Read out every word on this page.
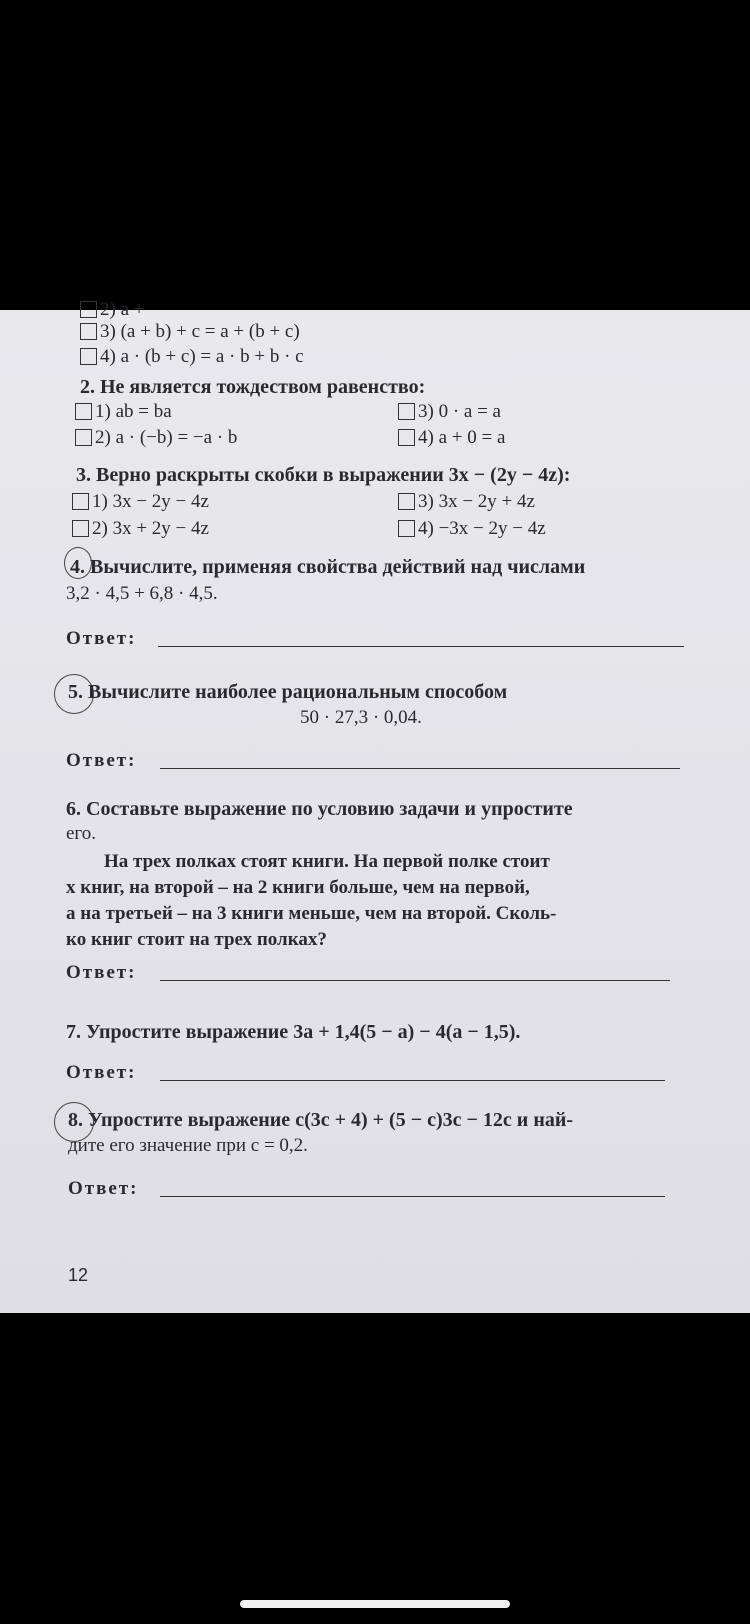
2) a +
3) (a + b) + c = a + (b + c)
4) a · (b + c) = a · b + b · c
2. Не является тождеством равенство:
1) ab = ba	3) 0 · a = a
2) a · (−b) = −a · b	4) a + 0 = a
3. Верно раскрыты скобки в выражении 3x − (2y − 4z):
1) 3x − 2y − 4z	3) 3x − 2y + 4z
2) 3x + 2y − 4z	4) −3x − 2y − 4z
4. Вычислите, применяя свойства действий над числами
3,2 · 4,5 + 6,8 · 4,5.
Ответ:
5. Вычислите наиболее рациональным способом
50 · 27,3 · 0,04.
Ответ:
6. Составьте выражение по условию задачи и упростите
его.
На трех полках стоят книги. На первой полке стоит
x книг, на второй – на 2 книги больше, чем на первой,
а на третьей – на 3 книги меньше, чем на второй. Сколь-
ко книг стоит на трех полках?
Ответ:
7. Упростите выражение 3a + 1,4(5 − a) − 4(a − 1,5).
Ответ:
8. Упростите выражение c(3c + 4) + (5 − c)3c − 12c и най-
дите его значение при c = 0,2.
Ответ:
12
